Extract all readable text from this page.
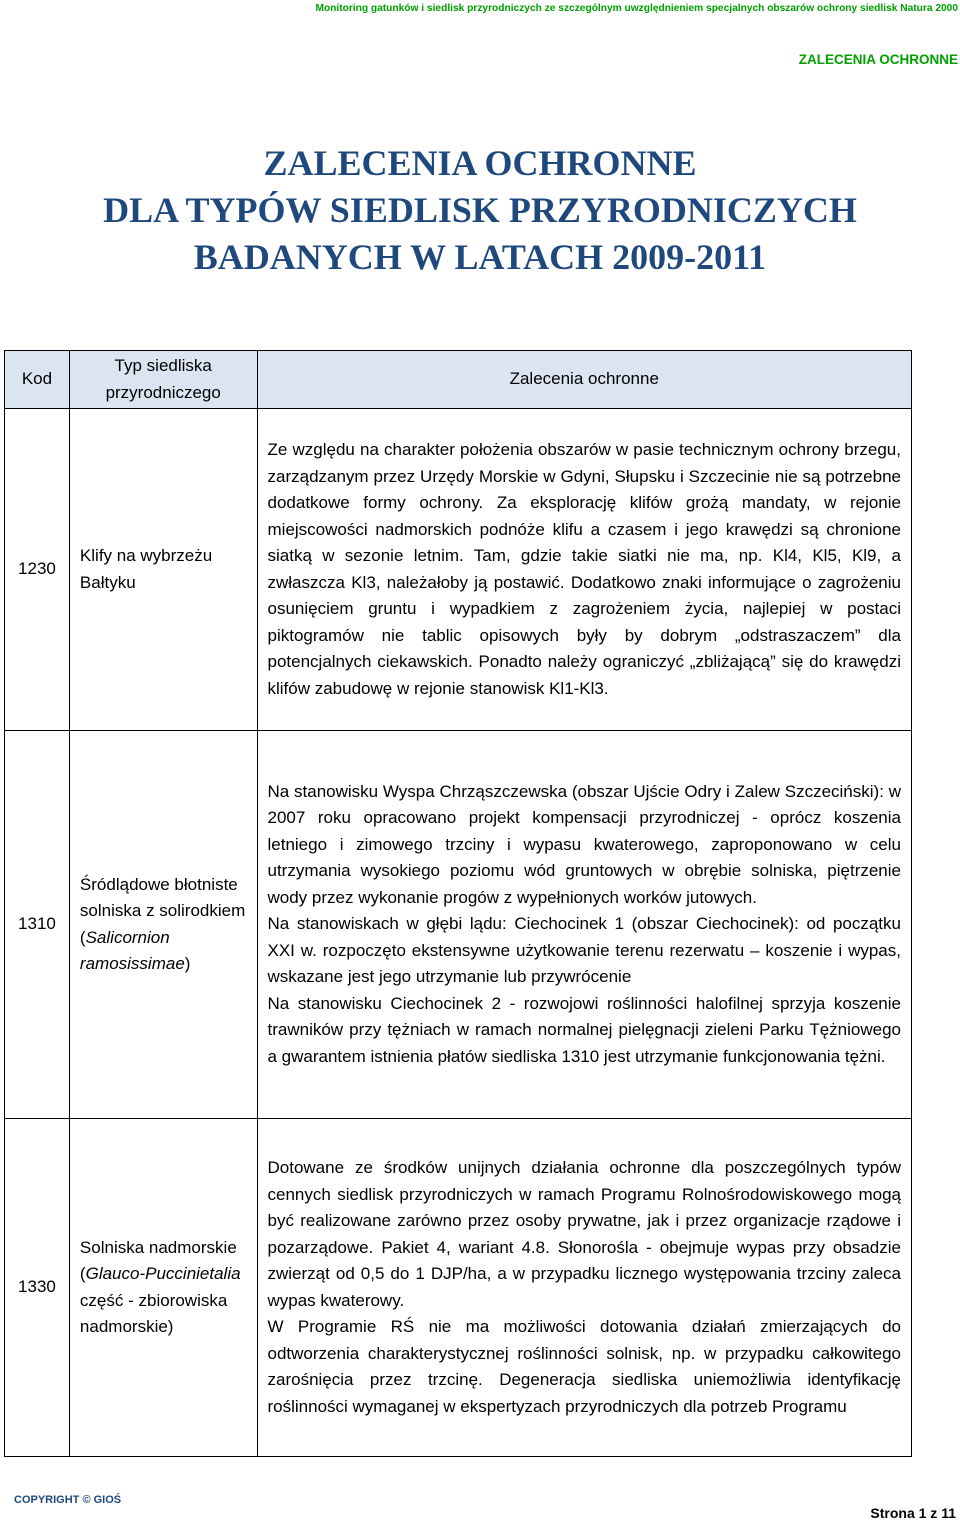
Monitoring gatunków i siedlisk przyrodniczych ze szczególnym uwzględnieniem specjalnych obszarów ochrony siedlisk Natura 2000
ZALECENIA OCHRONNE
ZALECENIA OCHRONNE
DLA TYPÓW SIEDLISK PRZYRODNICZYCH
BADANYCH W LATACH 2009-2011
Kod	Typ siedliska przyrodniczego	Zalecenia ochronne
1230	Klify na wybrzeżu Bałtyku	Ze względu na charakter położenia obszarów w pasie technicznym ochrony brzegu, zarządzanym przez Urzędy Morskie w Gdyni, Słupsku i Szczecinie nie są potrzebne dodatkowe formy ochrony. Za eksplorację klifów grożą mandaty, w rejonie miejscowości nadmorskich podnóże klifu a czasem i jego krawędzi są chronione siatką w sezonie letnim. Tam, gdzie takie siatki nie ma, np. Kl4, Kl5, Kl9, a zwłaszcza Kl3, należałoby ją postawić. Dodatkowo znaki informujące o zagrożeniu osunięciem gruntu i wypadkiem z zagrożeniem życia, najlepiej w postaci piktogramów nie tablic opisowych były by dobrym „odstraszaczem” dla potencjalnych ciekawskich. Ponadto należy ograniczyć „zbliżającą” się do krawędzi klifów zabudowę w rejonie stanowisk Kl1-Kl3.
1310	Śródlądowe błotniste solniska z solirodkiem (Salicornion ramosissimae)	Na stanowisku Wyspa Chrząszczewska (obszar Ujście Odry i Zalew Szczeciński): w 2007 roku opracowano projekt kompensacji przyrodniczej - oprócz koszenia letniego i zimowego trzciny i wypasu kwaterowego, zaproponowano w celu utrzymania wysokiego poziomu wód gruntowych w obrębie solniska, piętrzenie wody przez wykonanie progów z wypełnionych worków jutowych.
Na stanowiskach w głębi lądu: Ciechocinek 1 (obszar Ciechocinek): od początku XXI w. rozpoczęto ekstensywne użytkowanie terenu rezerwatu – koszenie i wypas, wskazane jest jego utrzymanie lub przywrócenie
Na stanowisku Ciechocinek 2 - rozwojowi roślinności halofilnej sprzyja koszenie trawników przy tężniach w ramach normalnej pielęgnacji zieleni Parku Tężniowego a gwarantem istnienia płatów siedliska 1310 jest utrzymanie funkcjonowania tężni.

1330	Solniska nadmorskie (Glauco-Puccinietalia część - zbiorowiska nadmorskie)	Dotowane ze środków unijnych działania ochronne dla poszczególnych typów cennych siedlisk przyrodniczych w ramach Programu Rolnośrodowiskowego mogą być realizowane zarówno przez osoby prywatne, jak i przez organizacje rządowe i pozarządowe. Pakiet 4, wariant 4.8. Słonorośla - obejmuje wypas przy obsadzie zwierząt od 0,5 do 1 DJP/ha, a w przypadku licznego występowania trzciny zaleca wypas kwaterowy.
W Programie RŚ nie ma możliwości dotowania działań zmierzających do odtworzenia charakterystycznej roślinności solnisk, np. w przypadku całkowitego zarośnięcia przez trzcinę. Degeneracja siedliska uniemożliwia identyfikację roślinności wymaganej w ekspertyzach przyrodniczych dla potrzeb Programu
COPYRIGHT © GIOŚ
Strona 1 z 11
